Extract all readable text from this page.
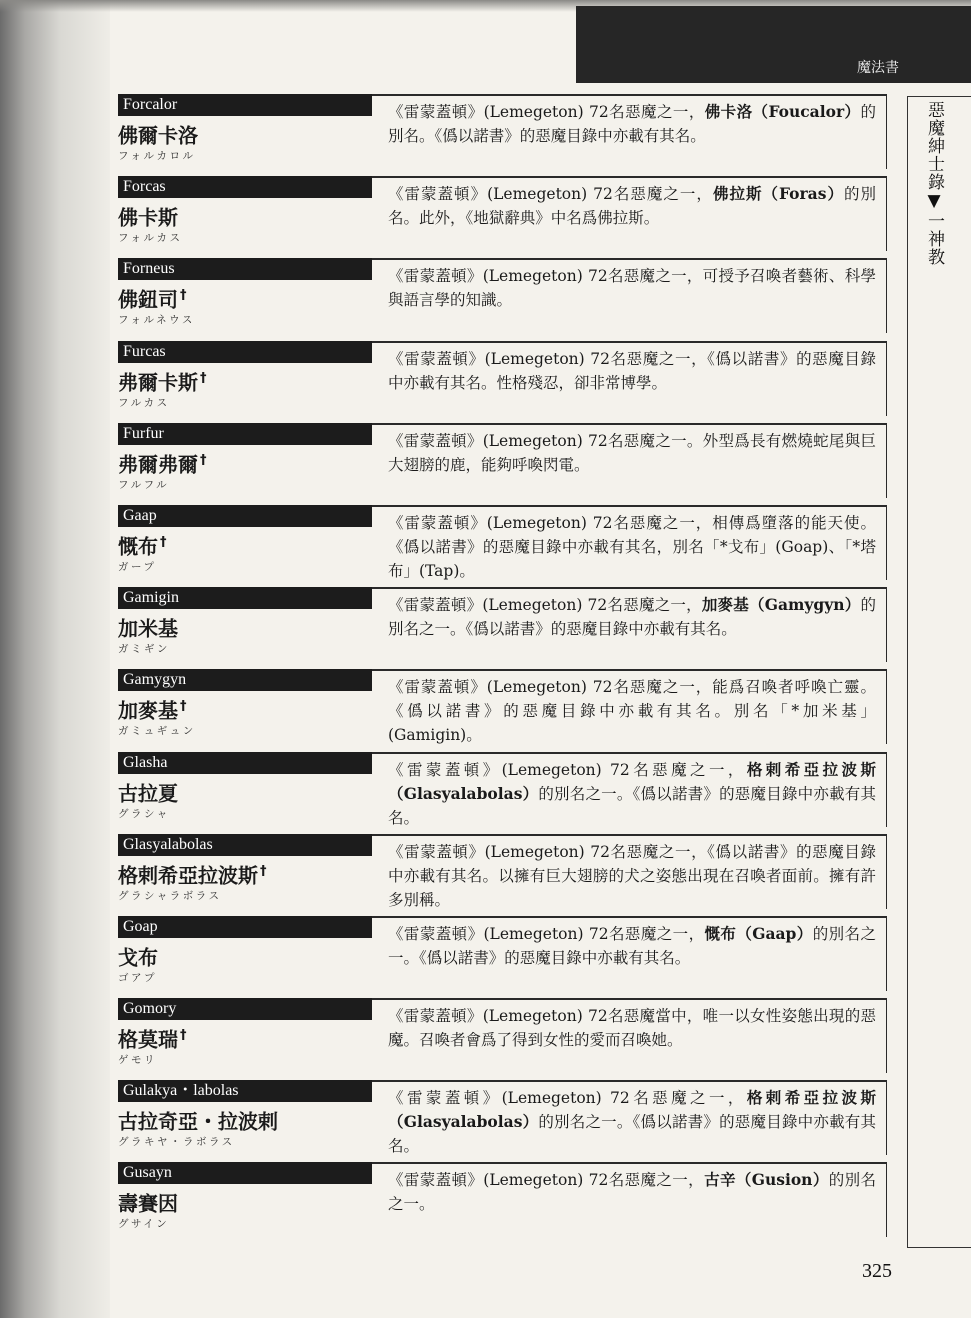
魔法書
惡魔紳士錄▼一神教
Forcalor
佛爾卡洛
フォルカロル
《雷蒙蓋頓》(Lemegeton) 72名惡魔之一，佛卡洛（Foucalor）的別名。《僞以諾書》的惡魔目錄中亦載有其名。
Forcas
佛卡斯
フォルカス
《雷蒙蓋頓》(Lemegeton) 72名惡魔之一，佛拉斯（Foras）的別名。此外，《地獄辭典》中名爲佛拉斯。
Forneus
佛鈕司 †
フォルネウス
《雷蒙蓋頓》(Lemegeton) 72名惡魔之一，可授予召喚者藝術、科學與語言學的知識。
Furcas
弗爾卡斯 †
フルカス
《雷蒙蓋頓》(Lemegeton) 72名惡魔之一，《僞以諾書》的惡魔目錄中亦載有其名。性格殘忍，卻非常博學。
Furfur
弗爾弗爾 †
フルフル
《雷蒙蓋頓》(Lemegeton) 72名惡魔之一。外型爲長有燃燒蛇尾與巨大翅膀的鹿，能夠呼喚閃電。
Gaap
慨布 †
ガープ
《雷蒙蓋頓》(Lemegeton) 72名惡魔之一，相傳爲墮落的能天使。《僞以諾書》的惡魔目錄中亦載有其名，別名「*戈布」(Goap)、「*塔布」(Tap)。
Gamigin
加米基
ガミギン
《雷蒙蓋頓》(Lemegeton) 72名惡魔之一，加麥基（Gamygyn）的別名之一。《僞以諾書》的惡魔目錄中亦載有其名。
Gamygyn
加麥基 †
ガミュギュン
《雷蒙蓋頓》(Lemegeton) 72名惡魔之一，能爲召喚者呼喚亡靈。《僞以諾書》的惡魔目錄中亦載有其名。別名「*加米基」(Gamigin)。
Glasha
古拉夏
グラシャ
《雷蒙蓋頓》(Lemegeton) 72名惡魔之一，格剌希亞拉波斯（Glasyalabolas）的別名之一。《僞以諾書》的惡魔目錄中亦載有其名。
Glasyalabolas
格剌希亞拉波斯 †
グラシャラボラス
《雷蒙蓋頓》(Lemegeton) 72名惡魔之一，《僞以諾書》的惡魔目錄中亦載有其名。以擁有巨大翅膀的犬之姿態出現在召喚者面前。擁有許多別稱。
Goap
戈布
ゴアプ
《雷蒙蓋頓》(Lemegeton) 72名惡魔之一，慨布（Gaap）的別名之一。《僞以諾書》的惡魔目錄中亦載有其名。
Gomory
格莫瑞 †
ゲモリ
《雷蒙蓋頓》(Lemegeton) 72名惡魔當中，唯一以女性姿態出現的惡魔。召喚者會爲了得到女性的愛而召喚她。
Gulakya・labolas
古拉奇亞・拉波剌
グラキヤ・ラボラス
《雷蒙蓋頓》(Lemegeton) 72名惡魔之一，格剌希亞拉波斯（Glasyalabolas）的別名之一。《僞以諾書》的惡魔目錄中亦載有其名。
Gusayn
壽賽因
グサイン
《雷蒙蓋頓》(Lemegeton) 72名惡魔之一，古辛（Gusion）的別名之一。
325
